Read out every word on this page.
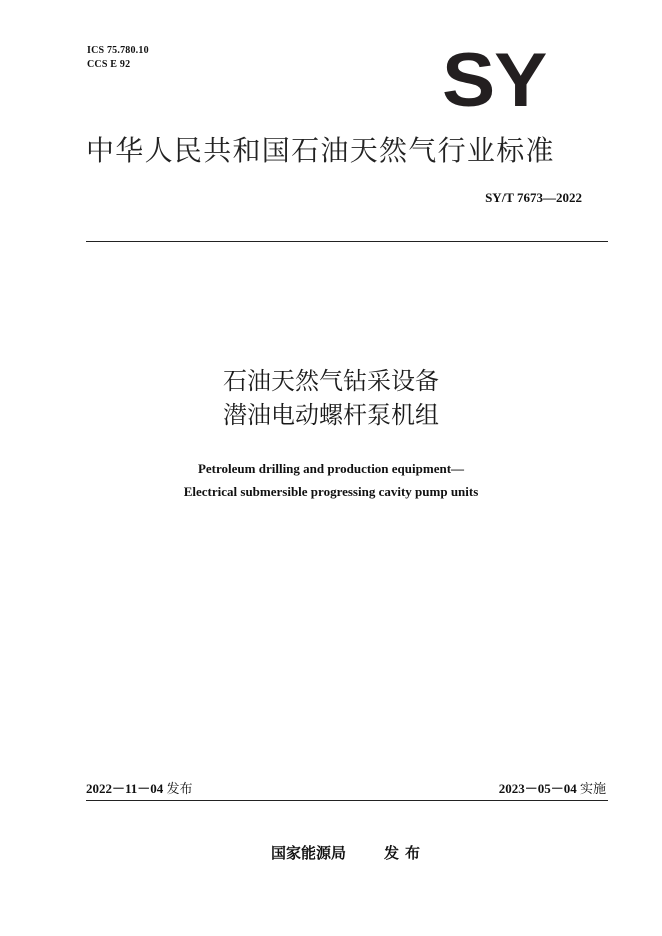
ICS 75.780.10
CCS E 92	SY
中华人民共和国石油天然气行业标准
SY/T 7673—2022
石油天然气钻采设备
潜油电动螺杆泵机组
Petroleum drilling and production equipment—
Electrical submersible progressing cavity pump units
2022－11－04 发布	2023－05－04 实施
国家能源局	发布
